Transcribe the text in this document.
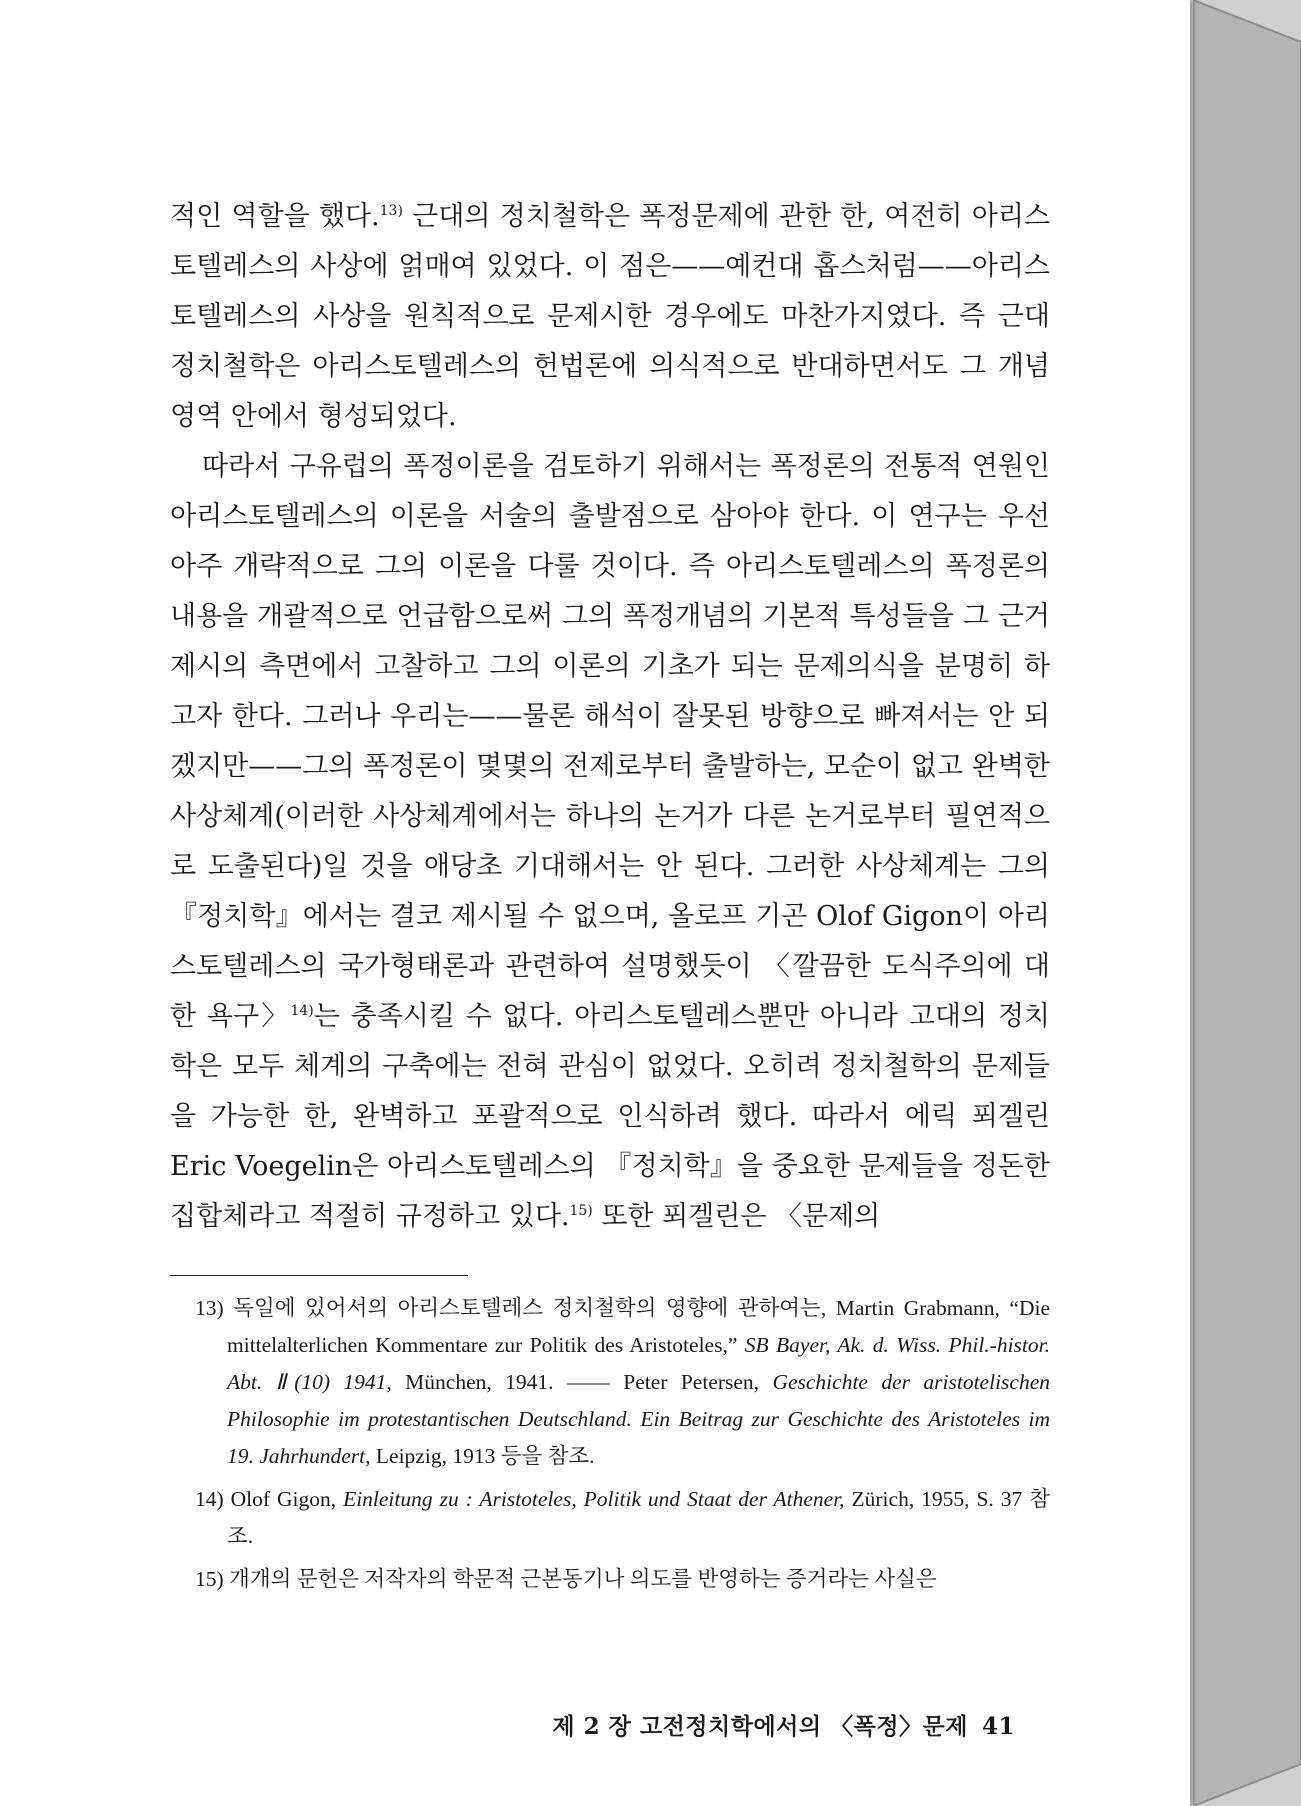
적인 역할을 했다.$^{13)}$ 근대의 정치철학은 폭정문제에 관한 한, 여전히 아리스토텔레스의 사상에 얽매여 있었다. 이 점은——예컨대 홉스처럼——아리스토텔레스의 사상을 원칙적으로 문제시한 경우에도 마찬가지였다. 즉 근대 정치철학은 아리스토텔레스의 헌법론에 의식적으로 반대하면서도 그 개념영역 안에서 형성되었다.

따라서 구유럽의 폭정이론을 검토하기 위해서는 폭정론의 전통적 연원인 아리스토텔레스의 이론을 서술의 출발점으로 삼아야 한다. 이 연구는 우선 아주 개략적으로 그의 이론을 다룰 것이다. 즉 아리스토텔레스의 폭정론의 내용을 개괄적으로 언급함으로써 그의 폭정개념의 기본적 특성들을 그 근거제시의 측면에서 고찰하고 그의 이론의 기초가 되는 문제의식을 분명히 하고자 한다. 그러나 우리는——물론 해석이 잘못된 방향으로 빠져서는 안 되겠지만——그의 폭정론이 몇몇의 전제로부터 출발하는, 모순이 없고 완벽한 사상체계(이러한 사상체계에서는 하나의 논거가 다른 논거로부터 필연적으로 도출된다)일 것을 애당초 기대해서는 안 된다. 그러한 사상체계는 그의 『정치학』에서는 결코 제시될 수 없으며, 올로프 기곤 Olof Gigon이 아리스토텔레스의 국가형태론과 관련하여 설명했듯이 〈깔끔한 도식주의에 대한 욕구〉$^{14)}$는 충족시킬 수 없다. 아리스토텔레스뿐만 아니라 고대의 정치학은 모두 체계의 구축에는 전혀 관심이 없었다. 오히려 정치철학의 문제들을 가능한 한, 완벽하고 포괄적으로 인식하려 했다. 따라서 에릭 푀겔린 Eric Voegelin은 아리스토텔레스의 『정치학』을 중요한 문제들을 정돈한 집합체라고 적절히 규정하고 있다.$^{15)}$ 또한 푀겔린은 〈문제의

13) 독일에 있어서의 아리스토텔레스 정치철학의 영향에 관하여는, Martin Grabmann, “Die mittelalterlichen Kommentare zur Politik des Aristoteles,” SB Bayer, Ak. d. Wiss. Phil.-histor. Abt. Ⅱ(10) 1941, München, 1941. —— Peter Petersen, Geschichte der aristotelischen Philosophie im protestantischen Deutschland. Ein Beitrag zur Geschichte des Aristoteles im 19. Jahrhundert, Leipzig, 1913 등을 참조.

14) Olof Gigon, Einleitung zu : Aristoteles, Politik und Staat der Athener, Zürich, 1955, S. 37 참조.

15) 개개의 문헌은 저작자의 학문적 근본동기나 의도를 반영하는 증거라는 사실은

제 2 장 고전정치학에서의 〈폭정〉문제 41
